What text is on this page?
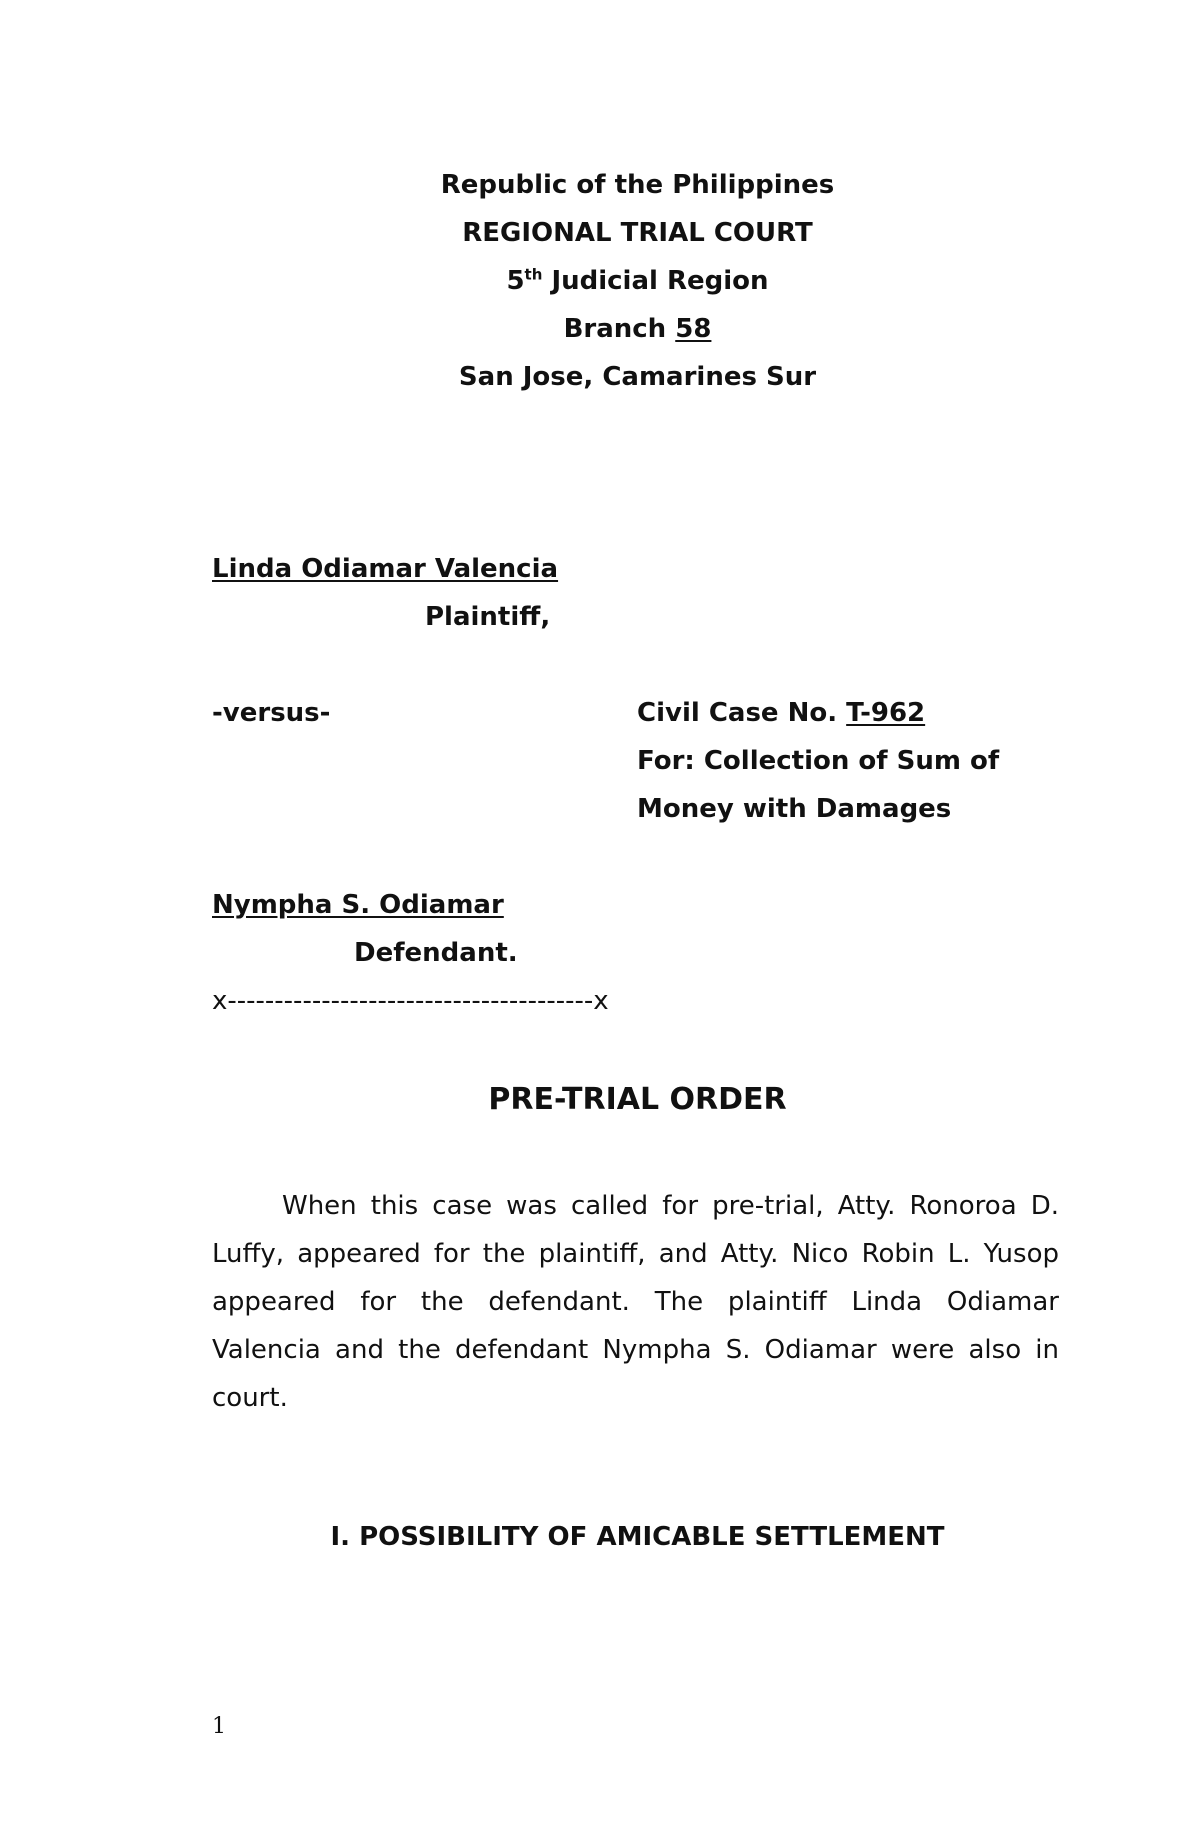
Republic of the Philippines
REGIONAL TRIAL COURT
5th Judicial Region
Branch 58
San Jose, Camarines Sur
Linda Odiamar Valencia
Plaintiff,
-versus-	Civil Case No. T-962
For: Collection of Sum of
Money with Damages
Nympha S. Odiamar
Defendant.
x---------------------------------------x
PRE-TRIAL ORDER
When this case was called for pre-trial, Atty. Ronoroa D. Luffy, appeared for the plaintiff, and Atty. Nico Robin L. Yusop appeared for the defendant. The plaintiff Linda Odiamar Valencia and the defendant Nympha S. Odiamar were also in court.
I. POSSIBILITY OF AMICABLE SETTLEMENT
1
